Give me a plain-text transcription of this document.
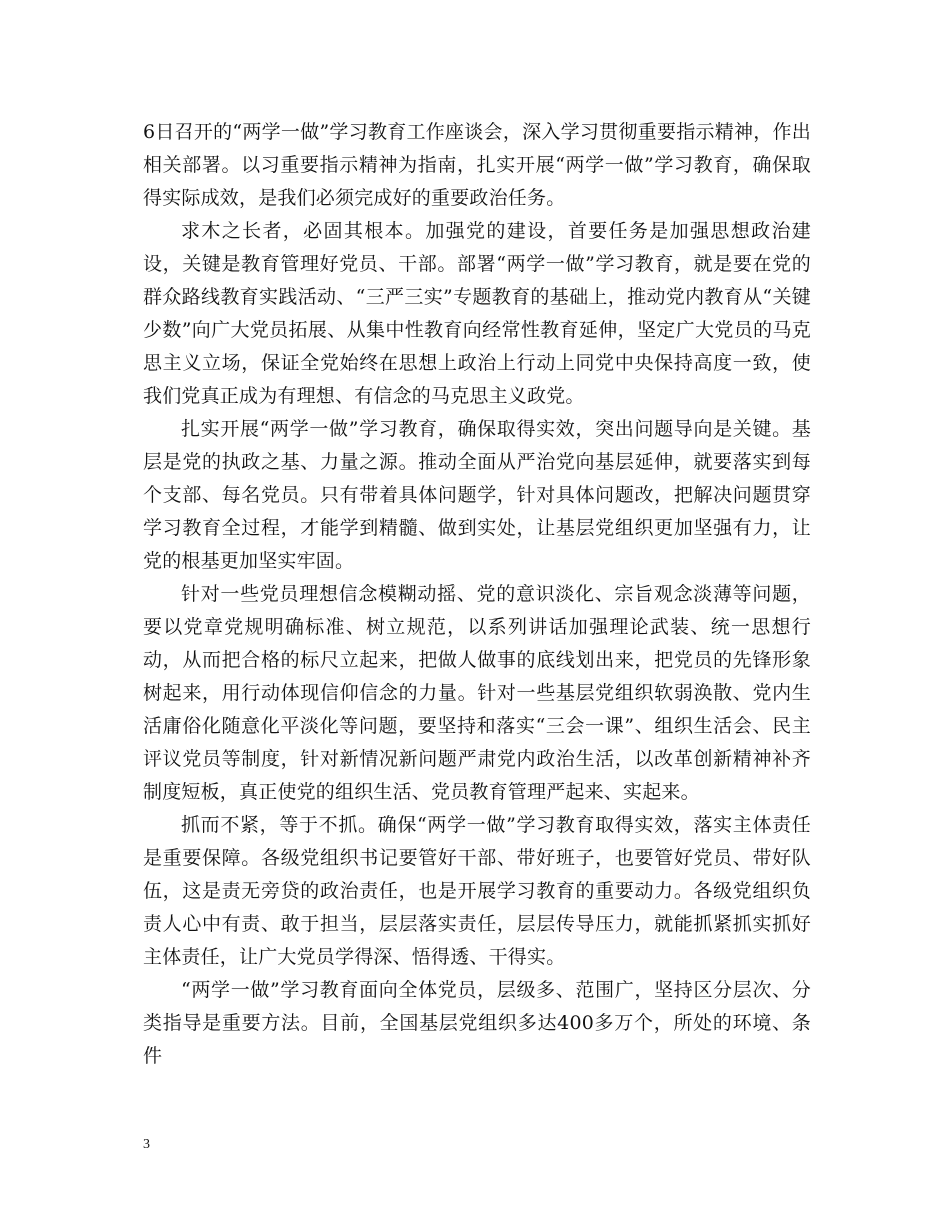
6日召开的“两学一做”学习教育工作座谈会，深入学习贯彻重要指示精神，作出相关部署。以习重要指示精神为指南，扎实开展“两学一做”学习教育，确保取得实际成效，是我们必须完成好的重要政治任务。

求木之长者，必固其根本。加强党的建设，首要任务是加强思想政治建设，关键是教育管理好党员、干部。部署“两学一做”学习教育，就是要在党的群众路线教育实践活动、“三严三实”专题教育的基础上，推动党内教育从“关键少数”向广大党员拓展、从集中性教育向经常性教育延伸，坚定广大党员的马克思主义立场，保证全党始终在思想上政治上行动上同党中央保持高度一致，使我们党真正成为有理想、有信念的马克思主义政党。

扎实开展“两学一做”学习教育，确保取得实效，突出问题导向是关键。基层是党的执政之基、力量之源。推动全面从严治党向基层延伸，就要落实到每个支部、每名党员。只有带着具体问题学，针对具体问题改，把解决问题贯穿学习教育全过程，才能学到精髓、做到实处，让基层党组织更加坚强有力，让党的根基更加坚实牢固。

针对一些党员理想信念模糊动摇、党的意识淡化、宗旨观念淡薄等问题，要以党章党规明确标准、树立规范，以系列讲话加强理论武装、统一思想行动，从而把合格的标尺立起来，把做人做事的底线划出来，把党员的先锋形象树起来，用行动体现信仰信念的力量。针对一些基层党组织软弱涣散、党内生活庸俗化随意化平淡化等问题，要坚持和落实“三会一课”、组织生活会、民主评议党员等制度，针对新情况新问题严肃党内政治生活，以改革创新精神补齐制度短板，真正使党的组织生活、党员教育管理严起来、实起来。

抓而不紧，等于不抓。确保“两学一做”学习教育取得实效，落实主体责任是重要保障。各级党组织书记要管好干部、带好班子，也要管好党员、带好队伍，这是责无旁贷的政治责任，也是开展学习教育的重要动力。各级党组织负责人心中有责、敢于担当，层层落实责任，层层传导压力，就能抓紧抓实抓好主体责任，让广大党员学得深、悟得透、干得实。

“两学一做”学习教育面向全体党员，层级多、范围广，坚持区分层次、分类指导是重要方法。目前，全国基层党组织多达400多万个，所处的环境、条件

3
